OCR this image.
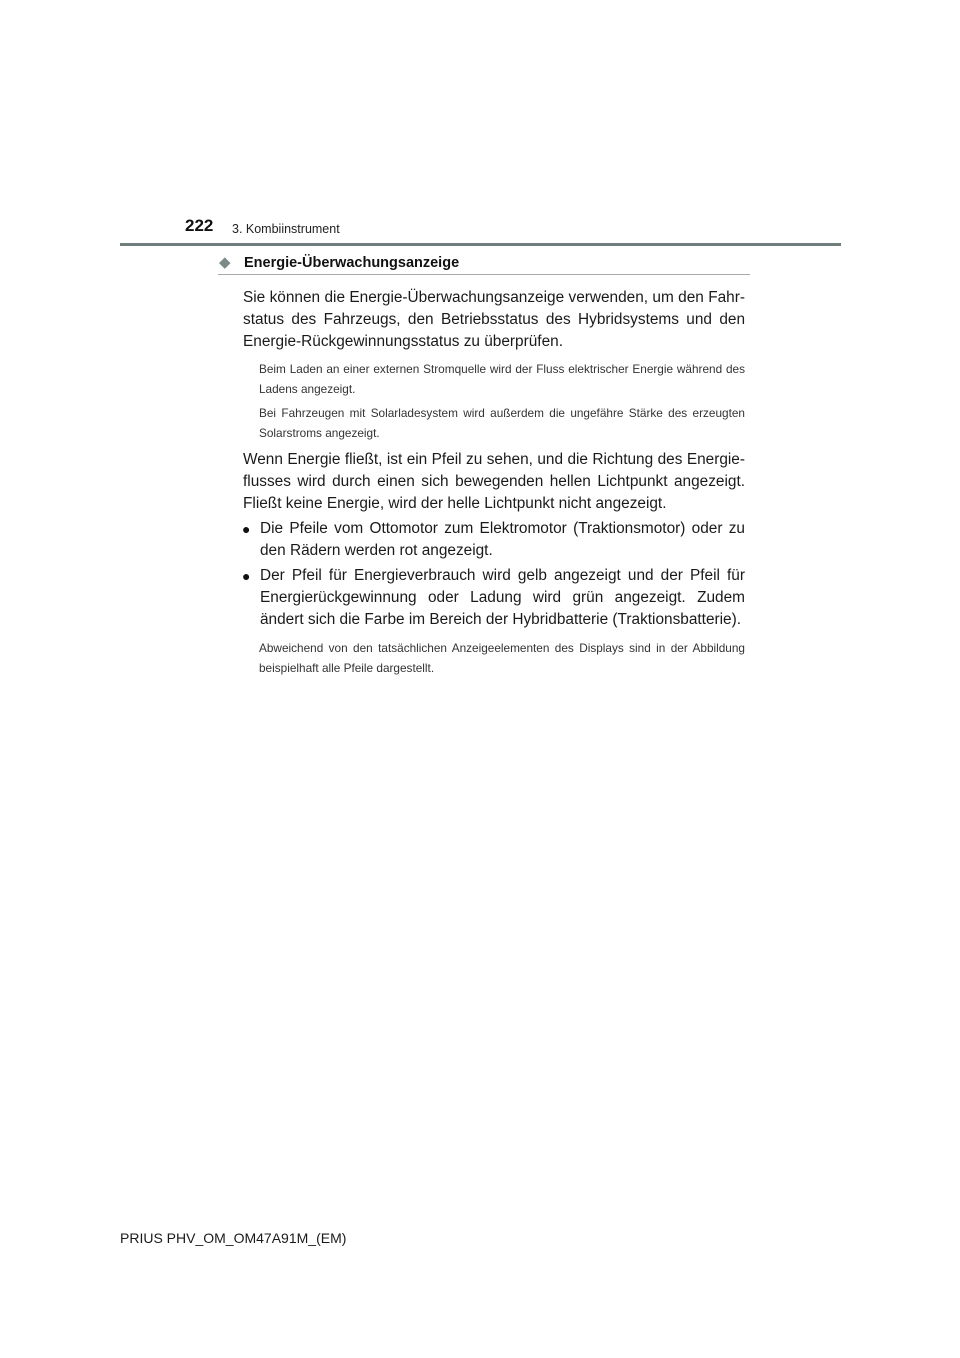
222 3. Kombiinstrument
◆ Energie-Überwachungsanzeige

Sie können die Energie-Überwachungsanzeige verwenden, um den Fahr-status des Fahrzeugs, den Betriebsstatus des Hybridsystems und den Energie-Rückgewinnungsstatus zu überprüfen.

Beim Laden an einer externen Stromquelle wird der Fluss elektrischer Energie während des Ladens angezeigt.

Bei Fahrzeugen mit Solarladesystem wird außerdem die ungefähre Stärke des erzeugten Solarstroms angezeigt.

Wenn Energie fließt, ist ein Pfeil zu sehen, und die Richtung des Energie-flusses wird durch einen sich bewegenden hellen Lichtpunkt angezeigt. Fließt keine Energie, wird der helle Lichtpunkt nicht angezeigt.

● Die Pfeile vom Ottomotor zum Elektromotor (Traktionsmotor) oder zu den Rädern werden rot angezeigt.
● Der Pfeil für Energieverbrauch wird gelb angezeigt und der Pfeil für Energierückgewinnung oder Ladung wird grün angezeigt. Zudem ändert sich die Farbe im Bereich der Hybridbatterie (Traktionsbatterie).

Abweichend von den tatsächlichen Anzeigeelementen des Displays sind in der Abbildung beispielhaft alle Pfeile dargestellt.

PRIUS PHV_OM_OM47A91M_(EM)
